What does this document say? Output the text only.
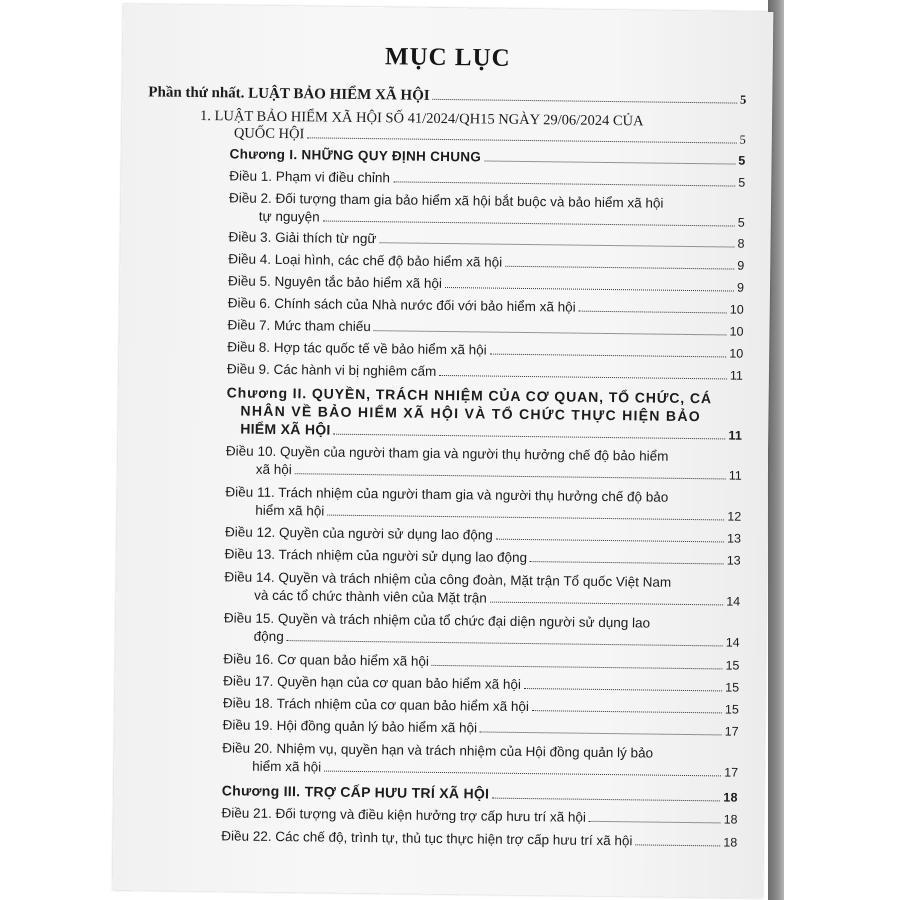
MỤC LỤC
Phần thứ nhất. LUẬT BẢO HIỂM XÃ HỘI	5
1. LUẬT BẢO HIỂM XÃ HỘI SỐ 41/2024/QH15 NGÀY 29/06/2024 CỦA
QUỐC HỘI	5
Chương I. NHỮNG QUY ĐỊNH CHUNG	5
Điều 1. Phạm vi điều chỉnh	5
Điều 2. Đối tượng tham gia bảo hiểm xã hội bắt buộc và bảo hiểm xã hội
tự nguyện	5
Điều 3. Giải thích từ ngữ	8
Điều 4. Loại hình, các chế độ bảo hiểm xã hội	9
Điều 5. Nguyên tắc bảo hiểm xã hội	9
Điều 6. Chính sách của Nhà nước đối với bảo hiểm xã hội	10
Điều 7. Mức tham chiếu	10
Điều 8. Hợp tác quốc tế về bảo hiểm xã hội	10
Điều 9. Các hành vi bị nghiêm cấm	11
Chương II. QUYỀN, TRÁCH NHIỆM CỦA CƠ QUAN, TỔ CHỨC, CÁ
NHÂN VỀ BẢO HIỂM XÃ HỘI VÀ TỔ CHỨC THỰC HIỆN BẢO
HIỂM XÃ HỘI	11
Điều 10. Quyền của người tham gia và người thụ hưởng chế độ bảo hiểm
xã hội	11
Điều 11. Trách nhiệm của người tham gia và người thụ hưởng chế độ bảo
hiểm xã hội	12
Điều 12. Quyền của người sử dụng lao động	13
Điều 13. Trách nhiệm của người sử dụng lao động	13
Điều 14. Quyền và trách nhiệm của công đoàn, Mặt trận Tổ quốc Việt Nam
và các tổ chức thành viên của Mặt trận	14
Điều 15. Quyền và trách nhiệm của tổ chức đại diện người sử dụng lao
động	14
Điều 16. Cơ quan bảo hiểm xã hội	15
Điều 17. Quyền hạn của cơ quan bảo hiểm xã hội	15
Điều 18. Trách nhiệm của cơ quan bảo hiểm xã hội	15
Điều 19. Hội đồng quản lý bảo hiểm xã hội	17
Điều 20. Nhiệm vụ, quyền hạn và trách nhiệm của Hội đồng quản lý bảo
hiểm xã hội	17
Chương III. TRỢ CẤP HƯU TRÍ XÃ HỘI	18
Điều 21. Đối tượng và điều kiện hưởng trợ cấp hưu trí xã hội	18
Điều 22. Các chế độ, trình tự, thủ tục thực hiện trợ cấp hưu trí xã hội	18
